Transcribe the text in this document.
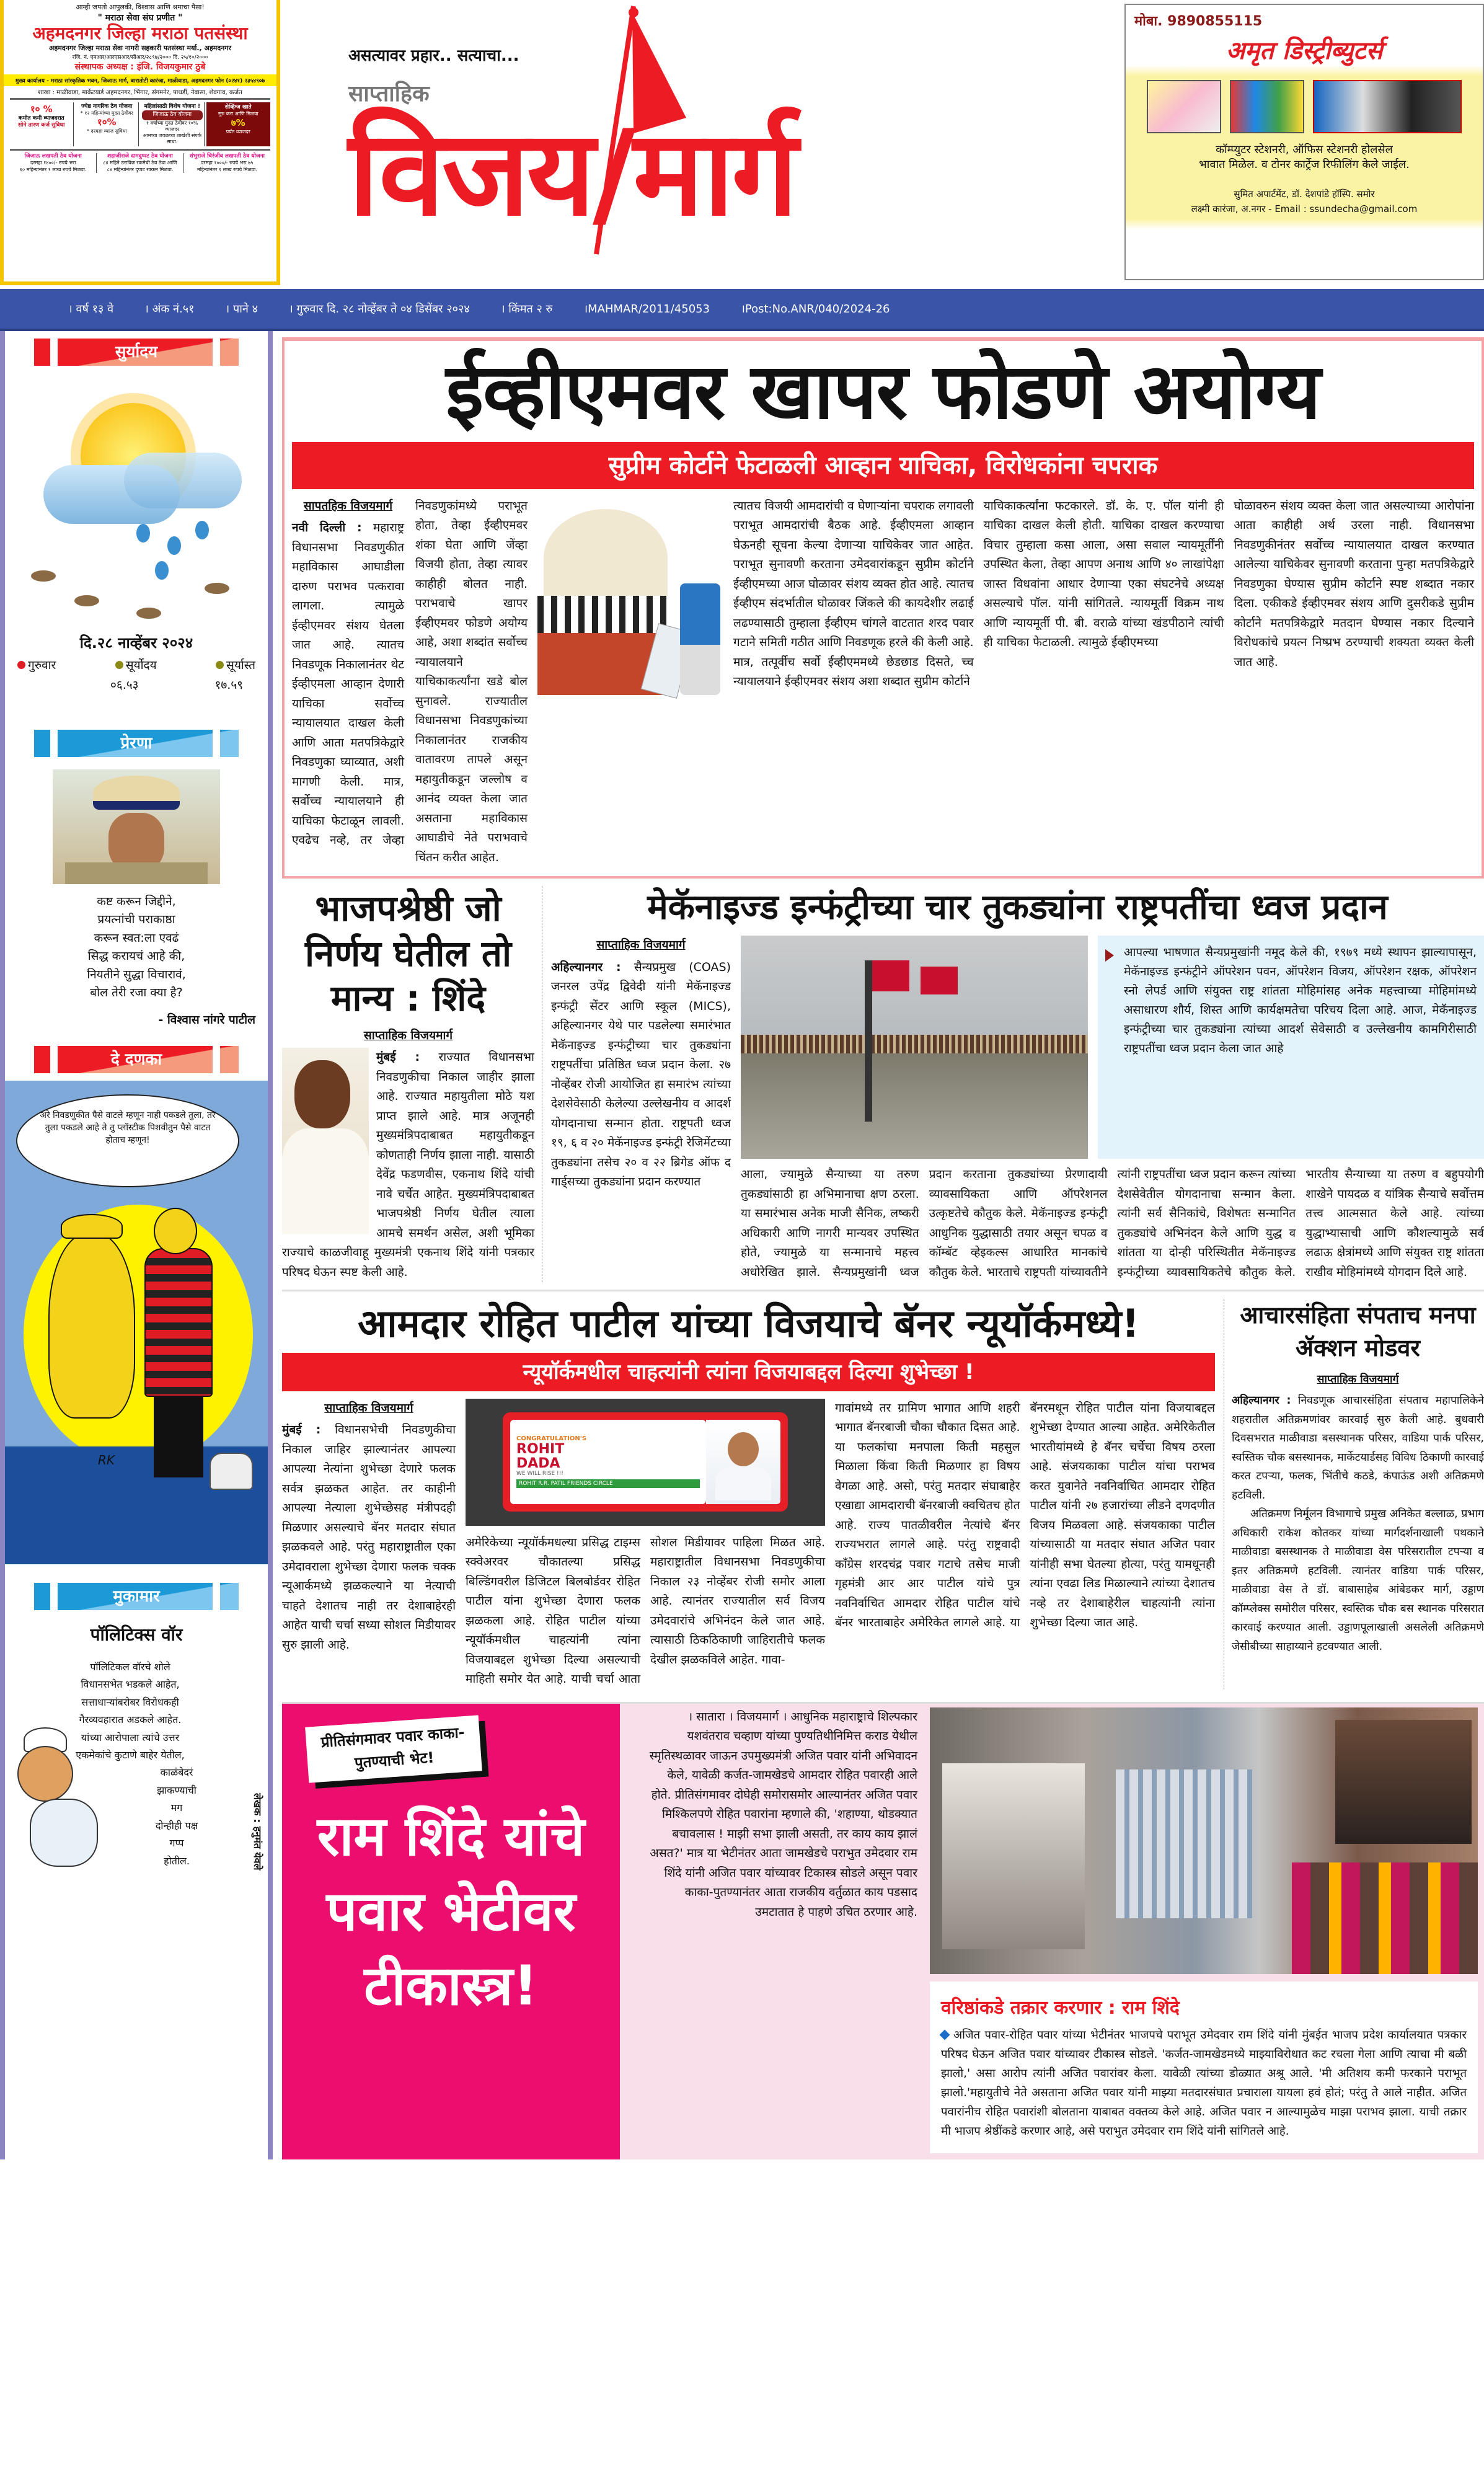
आम्ही जपतो आपुलकी, विश्वास आणि श्रमाचा पैसा!
" मराठा सेवा संघ प्रणीत "
अहमदनगर जिल्हा मराठा पतसंस्था
अहमदनगर जिल्हा मराठा सेवा नागरी सहकारी पतसंस्था मर्या., अहमदनगर
रजि. नं. एनआर/आरएसआर/सीआर/२८९७/२००० दि. २५/१०/२०००
संस्थापक अध्यक्ष : इंजि. विजयकुमार ठुबे
मुख्य कार्यालय - मराठा सांस्कृतिक भवन, जिजाऊ मार्ग, बारातोटी कारंजा, माळीवाडा, अहमदनगर फोन (०२४१) २३५४९०७
शाखा : माळीवाडा, मार्केटयार्ड अहमदनगर, भिंगार, संगमनेर, पाथर्डी, नेवासा, शेवगाव, कर्जत
१० %
कमीत कमी व्याजदरात
सोने तारण कर्ज सुविधा
ज्येष्ठ नागरिक ठेव योजना
* १२ महिन्यांच्या मुदत ठेवीवर
१०%
* दरमहा व्याज सुविधा
महिलांसाठी विशेष योजना !
जिजाऊ ठेव योजना
१ वर्षाच्या मुदत ठेवीवर १०% व्याजदर
आमच्या जवळच्या शाखेशी संपर्क साधा.
सेव्हिंग्ज खाते
सुरु करा आणि मिळवा
७%
पर्यंत व्याजदर
जिजाऊ लखपती ठेव योजना
दरमहा १४००/- रुपये भरा
६० महिन्यांनंतर १ लाख रुपये मिळवा.
शहाजीराजे दामदुप्पट ठेव योजना
८४ महिने ठराविक रकमेची ठेव ठेवा आणि
८४ महिन्यांनंतर दुप्पट रक्कम मिळवा.
शंभुराजे चिरंजीव लखपती ठेव योजना
दरमहा १०००/- रुपये भरा ७५
महिन्यांनंतर १ लाख रुपये मिळवा.
असत्यावर प्रहार.. सत्याचा...
साप्ताहिक
विजय/मार्ग
मोबा. 9890855115
अमृत डिस्ट्रीब्युटर्स
कॉम्प्युटर स्टेशनरी, ऑफिस स्टेशनरी होलसेल
भावात मिळेल. व टोनर कार्ट्रेज रिफीलिंग केले जाईल.
सुमित अपार्टमेंट, डॉ. देशपांडे हॉस्पि. समोर
लक्ष्मी कारंजा, अ.नगर - Email : ssundecha@gmail.com
। वर्ष १३ वे	। अंक नं.५१	। पाने ४	। गुरुवार दि. २८ नोव्हेंबर ते ०४ डिसेंबर २०२४	। किंमत २ रु	।MAHMAR/2011/45053	।Post:No.ANR/040/2024-26
सुर्यादय
दि.२८ नाव्हेंबर २०२४
गुरुवार	सूर्योदय	सूर्यास्त
०६.५३	१७.५९
प्रेरणा
कष्ट करून जिद्दीने,
प्रयत्नांची पराकाष्ठा
करून स्वत:ला एवढं
सिद्ध करायचं आहे की,
नियतीने सुद्धा विचारावं,
बोल तेरी रजा क्या है?
- विश्वास नांगरे पाटील
दे दणका
अरे निवडणुकीत पैसे वाटले म्हणून नाही पकडले तुला, तर तुला पकडले आहे ते तु प्लॉस्टीक पिशवीतुन पैसे वाटत होताच म्हणून!
RK
मुकामार
पॉलिटिक्स वॉर
पॉलिटिकल वॉरचे शोले
विधानसभेत भडकले आहेत,
सत्ताधाऱ्यांबरोबर विरोधकही
गैरव्यवहारात अडकले आहेत.
यांच्या आरोपाला त्यांचे उत्तर
एकमेकांचे कुटाणे बाहेर येतील,
काळंबेदरं
झाकण्याची
मग
दोन्हीही पक्ष
गप्प
होतील.	लेखक : हनुमंत येवले
ईव्हीएमवर खापर फोडणे अयोग्य
सुप्रीम कोर्टाने फेटाळली आव्हान याचिका, विरोधकांना चपराक
सापतहिक विजयमार्ग
नवी दिल्ली : महाराष्ट्र विधानसभा निवडणुकीत महाविकास आघाडीला दारुण पराभव पत्करावा लागला. त्यामुळे ईव्हीएमवर संशय घेतला जात आहे. त्यातच निवडणूक निकालानंतर थेट ईव्हीएमला आव्हान देणारी याचिका सर्वोच्च न्यायालयात दाखल केली आणि आता मतपत्रिकेद्वारे निवडणुका घ्याव्यात, अशी मागणी केली. मात्र, सर्वोच्च न्यायालयाने ही याचिका फेटाळून लावली. एवढेच नव्हे, तर जेव्हा निवडणुकांमध्ये पराभूत होता, तेव्हा ईव्हीएमवर शंका घेता आणि जेंव्हा विजयी होता, तेव्हा त्यावर काहीही बोलत नाही. पराभवाचे खापर ईव्हीएमवर फोडणे अयोग्य आहे, अशा शब्दांत सर्वोच्च न्यायालयाने याचिकाकर्त्यांना खडे बोल सुनावले. राज्यातील विधानसभा निवडणुकांच्या निकालानंतर राजकीय वातावरण तापले असून महायुतीकडून जल्लोष व आनंद व्यक्त केला जात असताना महाविकास आघाडीचे नेते पराभवाचे चिंतन करीत आहेत.
त्यातच विजयी आमदारांची व घेणाऱ्यांना चपराक लगावली पराभूत आमदारांची बैठक आहे. ईव्हीएमला आव्हान घेऊनही सूचना केल्या देणाऱ्या याचिकेवर जात आहेत. पराभूत सुनावणी करताना उमेदवारांकडून सुप्रीम कोर्टाने ईव्हीएमच्या आज घोळावर संशय व्यक्त होत आहे. त्यातच ईव्हीएम संदर्भातील घोळावर जिंकले की कायदेशीर लढाई लढण्यासाठी तुम्हाला ईव्हीएम चांगले वाटतात शरद पवार गटाने समिती गठीत आणि निवडणूक हरले की केली आहे. मात्र, तत्पूर्वीच सर्वो ईव्हीएममध्ये छेडछाड दिसते, च्च न्यायालयाने ईव्हीएमवर संशय अशा शब्दात सुप्रीम कोर्टाने
याचिकाकर्त्यांना फटकारले. डॉ. के. ए. पॉल यांनी ही याचिका दाखल केली होती. याचिका दाखल करण्याचा विचार तुम्हाला कसा आला, असा सवाल न्यायमूर्तींनी उपस्थित केला, तेव्हा आपण अनाथ आणि ४० लाखांपेक्षा जास्त विधवांना आधार देणाऱ्या एका संघटनेचे अध्यक्ष असल्याचे पॉल. यांनी सांगितले. न्यायमूर्ती विक्रम नाथ आणि न्यायमूर्ती पी. बी. वराळे यांच्या खंडपीठाने त्यांची ही याचिका फेटाळली. त्यामुळे ईव्हीएमच्या
घोळावरुन संशय व्यक्त केला जात असल्याच्या आरोपांना आता काहीही अर्थ उरला नाही. विधानसभा निवडणुकीनंतर सर्वोच्च न्यायालयात दाखल करण्यात आलेल्या याचिकेवर सुनावणी करताना पुन्हा मतपत्रिकेद्वारे निवडणुका घेण्यास सुप्रीम कोर्टाने स्पष्ट शब्दात नकार दिला. एकीकडे ईव्हीएमवर संशय आणि दुसरीकडे सुप्रीम कोर्टाने मतपत्रिकेद्वारे मतदान घेण्यास नकार दिल्याने विरोधकांचे प्रयत्न निष्प्रभ ठरण्याची शक्यता व्यक्त केली जात आहे.
भाजपश्रेष्ठी जो निर्णय घेतील तो मान्य : शिंदे
साप्ताहिक विजयमार्ग
मुंबई : राज्यात विधानसभा निवडणुकीचा निकाल जाहीर झाला आहे. राज्यात महायुतीला मोठे यश प्राप्त झाले आहे. मात्र अजूनही मुख्यमंत्रिपदाबाबत महायुतीकडून कोणताही निर्णय झाला नाही. यासाठी देवेंद्र फडणवीस, एकनाथ शिंदे यांची नावे चर्चेत आहेत. मुख्यमंत्रिपदाबाबत भाजपश्रेष्ठी निर्णय घेतील त्याला आमचे समर्थन असेल, अशी भूमिका राज्याचे काळजीवाहू मुख्यमंत्री एकनाथ शिंदे यांनी पत्रकार परिषद घेऊन स्पष्ट केली आहे.
मेकॅनाइज्ड इन्फंट्रीच्या चार तुकड्यांना राष्ट्रपतींचा ध्वज प्रदान
साप्ताहिक विजयमार्ग
अहिल्यानगर : सैन्यप्रमुख (COAS) जनरल उपेंद्र द्विवेदी यांनी मेकॅनाइज्ड इन्फंट्री सेंटर आणि स्कूल (MICS), अहिल्यानगर येथे पार पडलेल्या समारंभात मेकॅनाइज्ड इन्फंट्रीच्या चार तुकड्यांना राष्ट्रपतींचा प्रतिष्ठित ध्वज प्रदान केला. २७ नोव्हेंबर रोजी आयोजित हा समारंभ त्यांच्या देशसेवेसाठी केलेल्या उल्लेखनीय व आदर्श योगदानाचा सन्मान होता. राष्ट्रपती ध्वज १९, ६ व २० मेकॅनाइज्ड इन्फंट्री रेजिमेंटच्या तुकड्यांना तसेच २० व २२ ब्रिगेड ऑफ द गार्ड्सच्या तुकड्यांना प्रदान करण्यात
आपल्या भाषणात सैन्यप्रमुखांनी नमूद केले की, १९७९ मध्ये स्थापन झाल्यापासून, मेकॅनाइज्ड इन्फंट्रीने ऑपरेशन पवन, ऑपरेशन विजय, ऑपरेशन रक्षक, ऑपरेशन स्नो लेपर्ड आणि संयुक्त राष्ट्र शांतता मोहिमांसह अनेक महत्त्वाच्या मोहिमांमध्ये असाधारण शौर्य, शिस्त आणि कार्यक्षमतेचा परिचय दिला आहे. आज, मेकॅनाइज्ड इन्फंट्रीच्या चार तुकड्यांना त्यांच्या आदर्श सेवेसाठी व उल्लेखनीय कामगिरीसाठी राष्ट्रपतींचा ध्वज प्रदान केला जात आहे
आला, ज्यामुळे सैन्याच्या या तरुण तुकड्यांसाठी हा अभिमानाचा क्षण ठरला. या समारंभास अनेक माजी सैनिक, लष्करी अधिकारी आणि नागरी मान्यवर उपस्थित होते, ज्यामुळे या सन्मानाचे महत्त्व अधोरेखित झाले. सैन्यप्रमुखांनी ध्वज प्रदान करताना तुकड्यांच्या प्रेरणादायी व्यावसायिकता आणि ऑपरेशनल उत्कृष्टतेचे कौतुक केले. मेकॅनाइज्ड इन्फंट्री आधुनिक युद्धासाठी तयार असून चपळ व कॉम्बॅट व्हेइकल्स आधारित मानकांचे कौतुक केले. भारताचे राष्ट्रपती यांच्यावतीने त्यांनी राष्ट्रपतींचा ध्वज प्रदान करून त्यांच्या देशसेवेतील योगदानाचा सन्मान केला. त्यांनी सर्व सैनिकांचे, विशेषतः सन्मानित तुकड्यांचे अभिनंदन केले आणि युद्ध व शांतता या दोन्ही परिस्थितीत मेकॅनाइज्ड इन्फंट्रीच्या व्यावसायिकतेचे कौतुक केले. भारतीय सैन्याच्या या तरुण व बहुपयोगी शाखेने पायदळ व यांत्रिक सैन्याचे सर्वोत्तम तत्त्व आत्मसात केले आहे. त्यांच्या युद्धाभ्यासाची आणि कौशल्यामुळे सर्व लढाऊ क्षेत्रांमध्ये आणि संयुक्त राष्ट्र शांतता राखीव मोहिमांमध्ये योगदान दिले आहे.
आमदार रोहित पाटील यांच्या विजयाचे बॅनर न्यूयॉर्कमध्ये!
न्यूयॉर्कमधील चाहत्यांनी त्यांना विजयाबद्दल दिल्या शुभेच्छा !
साप्ताहिक विजयमार्ग
मुंबई : विधानसभेची निवडणुकीचा निकाल जाहिर झाल्यानंतर आपल्या आपल्या नेत्यांना शुभेच्छा देणारे फलक सर्वत्र झळकत आहेत. तर काहीनी आपल्या नेत्याला शुभेच्छेसह मंत्रीपदही मिळणार असल्याचे बॅनर मतदार संघात झळकवले आहे. परंतु महाराष्ट्रातील एका उमेदावराला शुभेच्छा देणारा फलक चक्क न्यूआर्कमध्ये झळकल्याने या नेत्याची चाहते देशातच नाही तर देशाबाहेरही आहेत याची चर्चा सध्या सोशल मिडीयावर सुरु झाली आहे.
CONGRATULATION'S
ROHIT
DADA
WE WILL RISE !!!
ROHIT R.R. PATIL FRIENDS CIRCLE
अमेरिकेच्या न्यूयॉर्कमधल्या प्रसिद्ध टाइम्स स्क्वेअरवर चौकातल्या प्रसिद्ध बिल्डिंगवरील डिजिटल बिलबोर्डवर रोहित पाटील यांना शुभेच्छा देणारा फलक झळकला आहे. रोहित पाटील यांच्या न्यूयॉर्कमधील चाहत्यांनी त्यांना विजयाबद्दल शुभेच्छा दिल्या असल्याची माहिती समोर येत आहे. याची चर्चा आता सोशल मिडीयावर पाहिला मिळत आहे. महाराष्ट्रातील विधानसभा निवडणुकीचा निकाल २३ नोव्हेंबर रोजी समोर आला आहे. त्यानंतर राज्यातील सर्व विजय उमेदवारांचे अभिनंदन केले जात आहे. त्यासाठी ठिकठिकाणी जाहिरातीचे फलक देखील झळकविले आहेत. गावा-
गावांमध्ये तर ग्रामिण भागात आणि शहरी भागात बॅनरबाजी चौका चौकात दिसत आहे. या फलकांचा मनपाला किती महसुल मिळाला किंवा किती मिळणार हा विषय वेगळा आहे. असो, परंतु मतदार संघाबाहेर एखाद्या आमदाराची बॅनरबाजी क्वचितच होत आहे. राज्य पातळीवरील नेत्यांचे बॅनर राज्यभरात लागले आहे. परंतु राष्ट्रवादी काँग्रेस शरदचंद्र पवार गटाचे तसेच माजी गृहमंत्री आर आर पाटील यांचे पुत्र नवनिर्वाचित आमदार रोहित पाटील यांचे बॅनर भारताबाहेर अमेरिकेत लागले आहे. या बॅनरमधून रोहित पाटील यांना विजयाबद्दल शुभेच्छा देण्यात आल्या आहेत. अमेरिकेतील भारतीयांमध्ये हे बॅनर चर्चेचा विषय ठरला आहे. संजयकाका पाटील यांचा पराभव करत युवानेते नवनिर्वाचित आमदार रोहित पाटील यांनी २७ हजारांच्या लीडने दणदणीत विजय मिळवला आहे. संजयकाका पाटील यांच्यासाठी या मतदार संघात अजित पवार यांनीही सभा घेतल्या होत्या, परंतु यामधूनही त्यांना एवढा लिड मिळाल्याने त्यांच्या देशातच नव्हे तर देशाबाहेरील चाहत्यांनी त्यांना शुभेच्छा दिल्या जात आहे.
आचारसंहिता संपताच मनपा ॲक्शन मोडवर
साप्ताहिक विजयमार्ग
अहिल्यानगर : निवडणूक आचारसंहिता संपताच महापालिकेने शहरातील अतिक्रमणांवर कारवाई सुरु केली आहे. बुधवारी दिवसभरात माळीवाडा बसस्थानक परिसर, वाडिया पार्क परिसर, स्वस्तिक चौक बसस्थानक, मार्केटयार्डसह विविध ठिकाणी कारवाई करत टपऱ्या, फलक, भिंतीचे कठडे, कंपाऊंड अशी अतिक्रमणे हटविली.
अतिक्रमण निर्मूलन विभागाचे प्रमुख अनिकेत बल्लाळ, प्रभाग अधिकारी राकेश कोतकर यांच्या मार्गदर्शनाखाली पथकाने माळीवाडा बसस्थानक ते माळीवाडा वेस परिसरातील टपऱ्या व इतर अतिक्रमणे हटविली. त्यानंतर वाडिया पार्क परिसर, माळीवाडा वेस ते डॉ. बाबासाहेब आंबेडकर मार्ग, उड्डाण कॉम्प्लेक्स समोरील परिसर, स्वस्तिक चौक बस स्थानक परिसरात कारवाई करण्यात आली. उड्डाणपूलाखाली असलेली अतिक्रमणे जेसीबीच्या साहाय्याने हटवण्यात आली.
प्रीतिसंगमावर पवार काका-पुतण्याची भेट!
राम शिंदे यांचे पवार भेटीवर टीकास्त्र!
। सातारा । विजयमार्ग । आधुनिक महाराष्ट्राचे शिल्पकार यशवंतराव चव्हाण यांच्या पुण्यतिथीनिमित्त कराड येथील स्मृतिस्थळावर जाऊन उपमुख्यमंत्री अजित पवार यांनी अभिवादन केले, यावेळी कर्जत-जामखेडचे आमदार रोहित पवारही आले होते. प्रीतिसंगमावर दोघेही समोरासमोर आल्यानंतर अजित पवार मिश्किलपणे रोहित पवारांना म्हणाले की, 'शहाण्या, थोडक्यात बचावलास ! माझी सभा झाली असती, तर काय काय झालं असत?' मात्र या भेटीनंतर आता जामखेडचे पराभुत उमेदवार राम शिंदे यांनी अजित पवार यांच्यावर टिकास्त्र सोडले असून पवार काका-पुतण्यानंतर आता राजकीय वर्तुळात काय पडसाद उमटातात हे पाहणे उचित ठरणार आहे.
वरिष्ठांकडे तक्रार करणार : राम शिंदे
अजित पवार-रोहित पवार यांच्या भेटीनंतर भाजपचे पराभूत उमेदवार राम शिंदे यांनी मुंबईत भाजप प्रदेश कार्यालयात पत्रकार परिषद घेऊन अजित पवार यांच्यावर टीकास्त्र सोडले. 'कर्जत-जामखेडमध्ये माझ्याविरोधात कट रचला गेला आणि त्याचा मी बळी झालो,' असा आरोप त्यांनी अजित पवारांवर केला. यावेळी त्यांच्या डोळ्यात अश्रू आले. 'मी अतिशय कमी फरकाने पराभूत झालो.'महायुतीचे नेते असताना अजित पवार यांनी माझ्या मतदारसंघात प्रचाराला यायला हवं होतं; परंतु ते आले नाहीत. अजित पवारांनीच रोहित पवारांशी बोलताना याबाबत वक्तव्य केले आहे. अजित पवार न आल्यामुळेच माझा पराभव झाला. याची तक्रार मी भाजप श्रेष्ठींकडे करणार आहे, असे पराभुत उमेदवार राम शिंदे यांनी सांगितले आहे.
